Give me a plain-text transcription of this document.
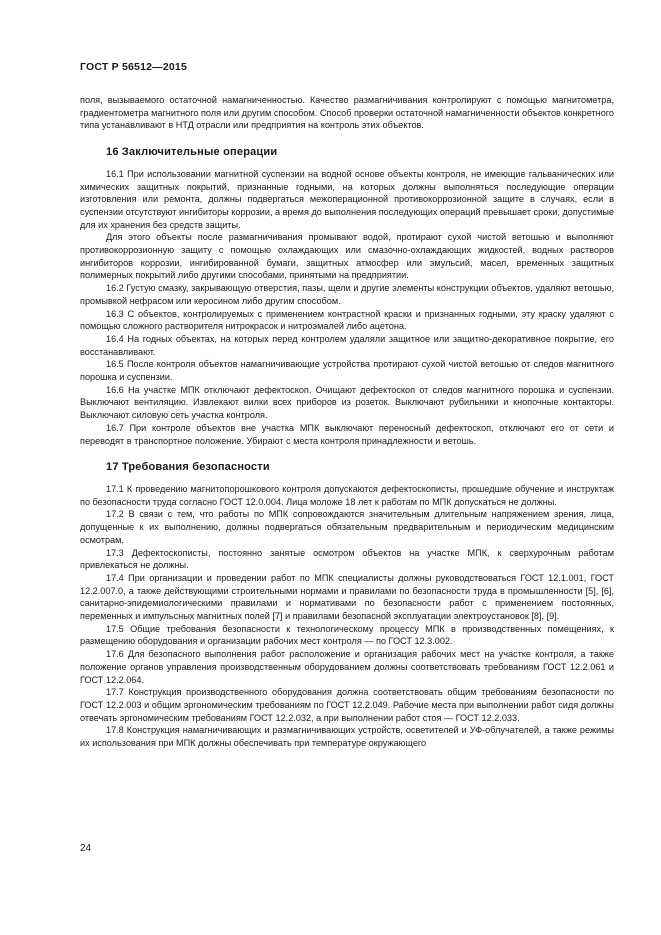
ГОСТ Р 56512—2015

поля, вызываемого остаточной намагниченностью. Качество размагничивания контролируют с помощью магнитометра, градиентометра магнитного поля или другим способом. Способ проверки остаточной намагниченности объектов конкретного типа устанавливают в НТД отрасли или предприятия на контроль этих объектов.

16 Заключительные операции

16.1 При использовании магнитной суспензии на водной основе объекты контроля, не имеющие гальванических или химических защитных покрытий, признанные годными, на которых должны выполняться последующие операции изготовления или ремонта, должны подвергаться межоперационной противокоррозионной защите в случаях, если в суспензии отсутствуют ингибиторы коррозии, а время до выполнения последующих операций превышает сроки, допустимые для их хранения без средств защиты.

Для этого объекты после размагничивания промывают водой, протирают сухой чистой ветошью и выполняют противокоррозионную защиту с помощью охлаждающих или смазочно-охлаждающих жидкостей, водных растворов ингибиторов коррозии, ингибированной бумаги, защитных атмосфер или эмульсий, масел, временных защитных полимерных покрытий либо другими способами, принятыми на предприятии.

16.2 Густую смазку, закрывающую отверстия, пазы, щели и другие элементы конструкции объектов, удаляют ветошью, промывкой нефрасом или керосином либо другим способом.

16.3 С объектов, контролируемых с применением контрастной краски и признанных годными, эту краску удаляют с помощью сложного растворителя нитрокрасок и нитроэмалей либо ацетона.

16.4 На годных объектах, на которых перед контролем удаляли защитное или защитно-декоративное покрытие, его восстанавливают.

16.5 После контроля объектов намагничивающие устройства протирают сухой чистой ветошью от следов магнитного порошка и суспензии.

16.6 На участке МПК отключают дефектоскоп. Очищают дефектоскоп от следов магнитного порошка и суспензии. Выключают вентиляцию. Извлекают вилки всех приборов из розеток. Выключают рубильники и кнопочные контакторы. Выключают силовую сеть участка контроля.

16.7 При контроле объектов вне участка МПК выключают переносный дефектоскоп, отключают его от сети и переводят в транспортное положение. Убирают с места контроля принадлежности и ветошь.

17 Требования безопасности

17.1 К проведению магнитопорошкового контроля допускаются дефектоскописты, прошедшие обучение и инструктаж по безопасности труда согласно ГОСТ 12.0.004. Лица моложе 18 лет к работам по МПК допускаться не должны.

17.2 В связи с тем, что работы по МПК сопровождаются значительным длительным напряжением зрения, лица, допущенные к их выполнению, должны подвергаться обязательным предварительным и периодическим медицинским осмотрам.

17.3 Дефектоскописты, постоянно занятые осмотром объектов на участке МПК, к сверхурочным работам привлекаться не должны.

17.4 При организации и проведении работ по МПК специалисты должны руководствоваться ГОСТ 12.1.001, ГОСТ 12.2.007.0, а также действующими строительными нормами и правилами по безопасности труда в промышленности [5], [6], санитарно-эпидемиологическими правилами и нормативами по безопасности работ с применением постоянных, переменных и импульсных магнитных полей [7] и правилами безопасной эксплуатации электроустановок [8], [9].

17.5 Общие требования безопасности к технологическому процессу МПК в производственных помещениях, к размещению оборудования и организации рабочих мест контроля — по ГОСТ 12.3.002.

17.6 Для безопасного выполнения работ расположение и организация рабочих мест на участке контроля, а также положение органов управления производственным оборудованием должны соответствовать требованиям ГОСТ 12.2.061 и ГОСТ 12.2.064.

17.7 Конструкция производственного оборудования должна соответствовать общим требованиям безопасности по ГОСТ 12.2.003 и общим эргономическим требованиям по ГОСТ 12.2.049. Рабочие места при выполнении работ сидя должны отвечать эргономическим требованиям ГОСТ 12.2.032, а при выполнении работ стоя — ГОСТ 12.2.033.

17.8 Конструкция намагничивающих и размагничивающих устройств, осветителей и УФ-облучателей, а также режимы их использования при МПК должны обеспечивать при температуре окружающего

24
